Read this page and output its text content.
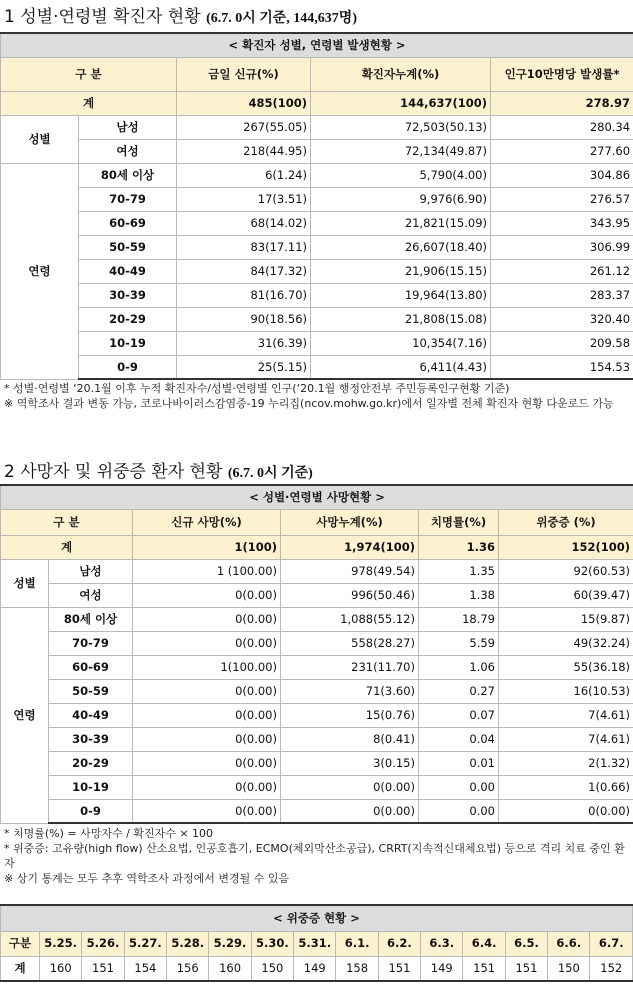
1 성별·연령별 확진자 현황 (6.7. 0시 기준, 144,637명)
< 확진자 성별, 연령별 발생현황 >				
구 분		금일 신규(%)	확진자누계(%)	인구10만명당 발생률*
계		485(100)	144,637(100)	278.97
성별	남성	267(55.05)	72,503(50.13)	280.34
	여성	218(44.95)	72,134(49.87)	277.60
연령	80세 이상	6(1.24)	5,790(4.00)	304.86
	70-79	17(3.51)	9,976(6.90)	276.57
	60-69	68(14.02)	21,821(15.09)	343.95
	50-59	83(17.11)	26,607(18.40)	306.99
	40-49	84(17.32)	21,906(15.15)	261.12
	30-39	81(16.70)	19,964(13.80)	283.37
	20-29	90(18.56)	21,808(15.08)	320.40
	10-19	31(6.39)	10,354(7.16)	209.58
	0-9	25(5.15)	6,411(4.43)	154.53
* 성별·연령별 ‘20.1월 이후 누적 확진자수/성별·연령별 인구(‘20.1월 행정안전부 주민등록인구현황 기준)
※ 역학조사 결과 변동 가능, 코로나바이러스감염증-19 누리집(ncov.mohw.go.kr)에서 일자별 전체 확진자 현황 다운로드 가능
2 사망자 및 위중증 환자 현황 (6.7. 0시 기준)
< 성별·연령별 사망현황 >					
구 분		신규 사망(%)	사망누계(%)	치명률(%)	위중증 (%)
계		1(100)	1,974(100)	1.36	152(100)
성별	남성	1 (100.00)	978(49.54)	1.35	92(60.53)
	여성	0(0.00)	996(50.46)	1.38	60(39.47)
연령	80세 이상	0(0.00)	1,088(55.12)	18.79	15(9.87)
	70-79	0(0.00)	558(28.27)	5.59	49(32.24)
	60-69	1(100.00)	231(11.70)	1.06	55(36.18)
	50-59	0(0.00)	71(3.60)	0.27	16(10.53)
	40-49	0(0.00)	15(0.76)	0.07	7(4.61)
	30-39	0(0.00)	8(0.41)	0.04	7(4.61)
	20-29	0(0.00)	3(0.15)	0.01	2(1.32)
	10-19	0(0.00)	0(0.00)	0.00	1(0.66)
	0-9	0(0.00)	0(0.00)	0.00	0(0.00)
* 치명률(%) = 사망자수 / 확진자수 × 100
* 위중증: 고유량(high flow) 산소요법, 인공호흡기, ECMO(체외막산소공급), CRRT(지속적신대체요법) 등으로 격리 치료 중인 환자
※ 상기 통계는 모두 추후 역학조사 과정에서 변경될 수 있음
< 위중증 현황 >														
구분	5.25.	5.26.	5.27.	5.28.	5.29.	5.30.	5.31.	6.1.	6.2.	6.3.	6.4.	6.5.	6.6.	6.7.
계	160	151	154	156	160	150	149	158	151	149	151	151	150	152
